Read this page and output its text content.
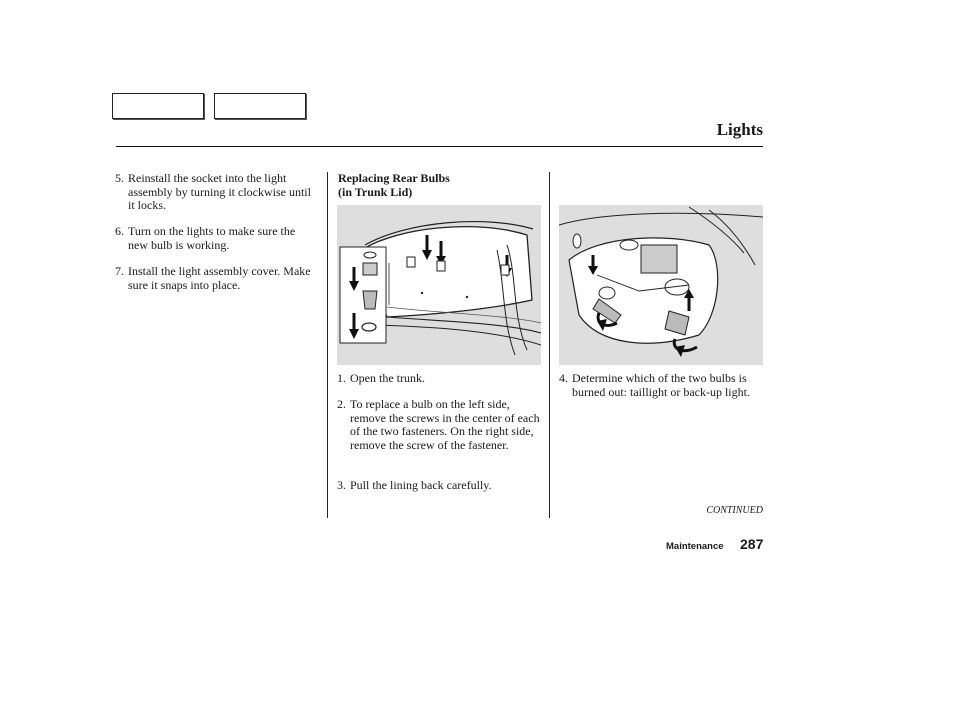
Lights
5. Reinstall the socket into the light assembly by turning it clockwise until it locks.
6. Turn on the lights to make sure the new bulb is working.
7. Install the light assembly cover. Make sure it snaps into place.
Replacing Rear Bulbs
(in Trunk Lid)
1. Open the trunk.
2. To replace a bulb on the left side, remove the screws in the center of each of the two fasteners. On the right side, remove the screw of the fastener.
3. Pull the lining back carefully.
4. Determine which of the two bulbs is burned out: taillight or back-up light.
CONTINUED
Maintenance 287
